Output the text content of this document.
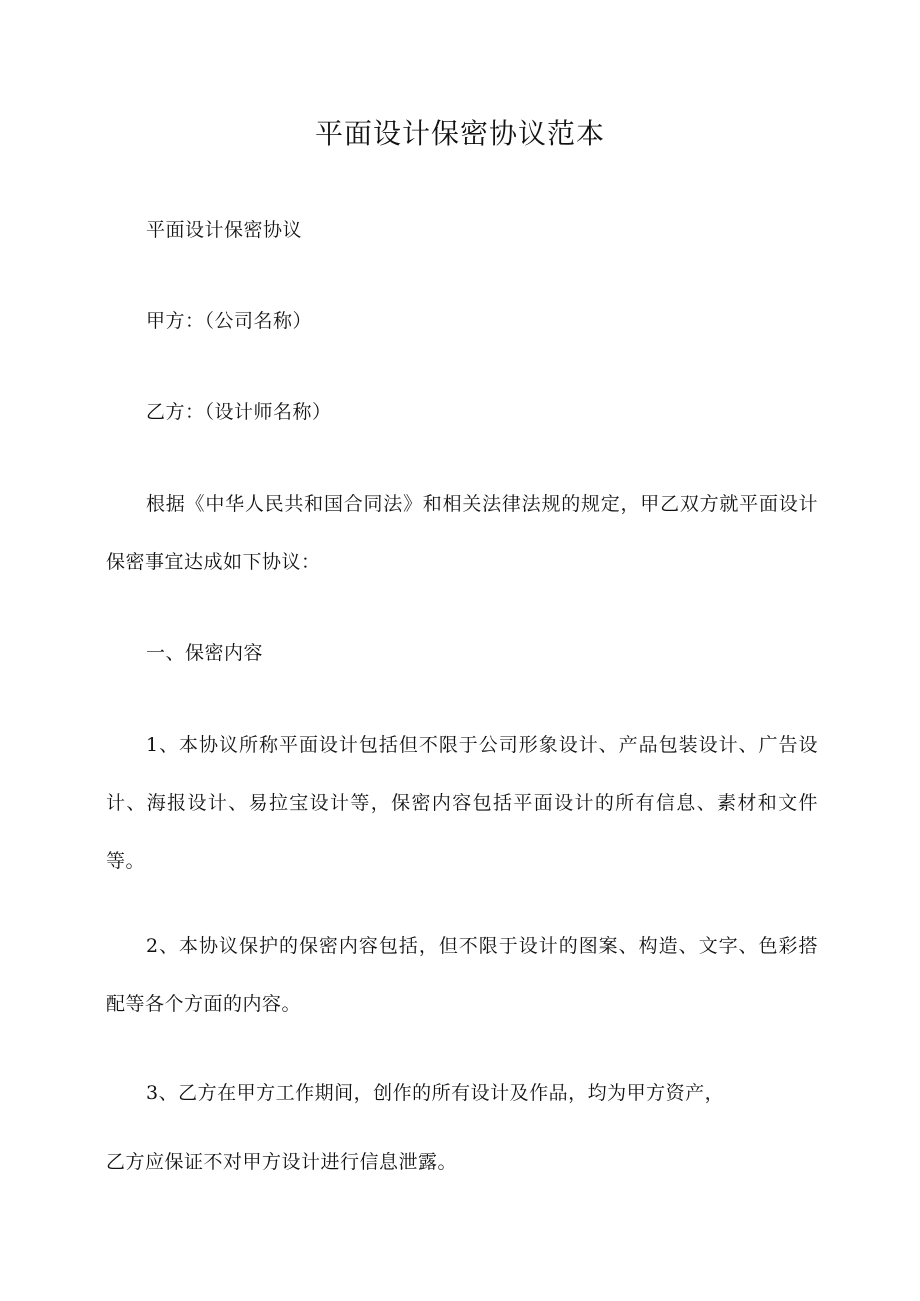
平面设计保密协议范本

平面设计保密协议

甲方：（公司名称）

乙方：（设计师名称）

根据《中华人民共和国合同法》和相关法律法规的规定，甲乙双方就平面设计保密事宜达成如下协议：

一、保密内容

1、本协议所称平面设计包括但不限于公司形象设计、产品包装设计、广告设计、海报设计、易拉宝设计等，保密内容包括平面设计的所有信息、素材和文件等。

2、本协议保护的保密内容包括，但不限于设计的图案、构造、文字、色彩搭配等各个方面的内容。

3、乙方在甲方工作期间，创作的所有设计及作品，均为甲方资产，

乙方应保证不对甲方设计进行信息泄露。
